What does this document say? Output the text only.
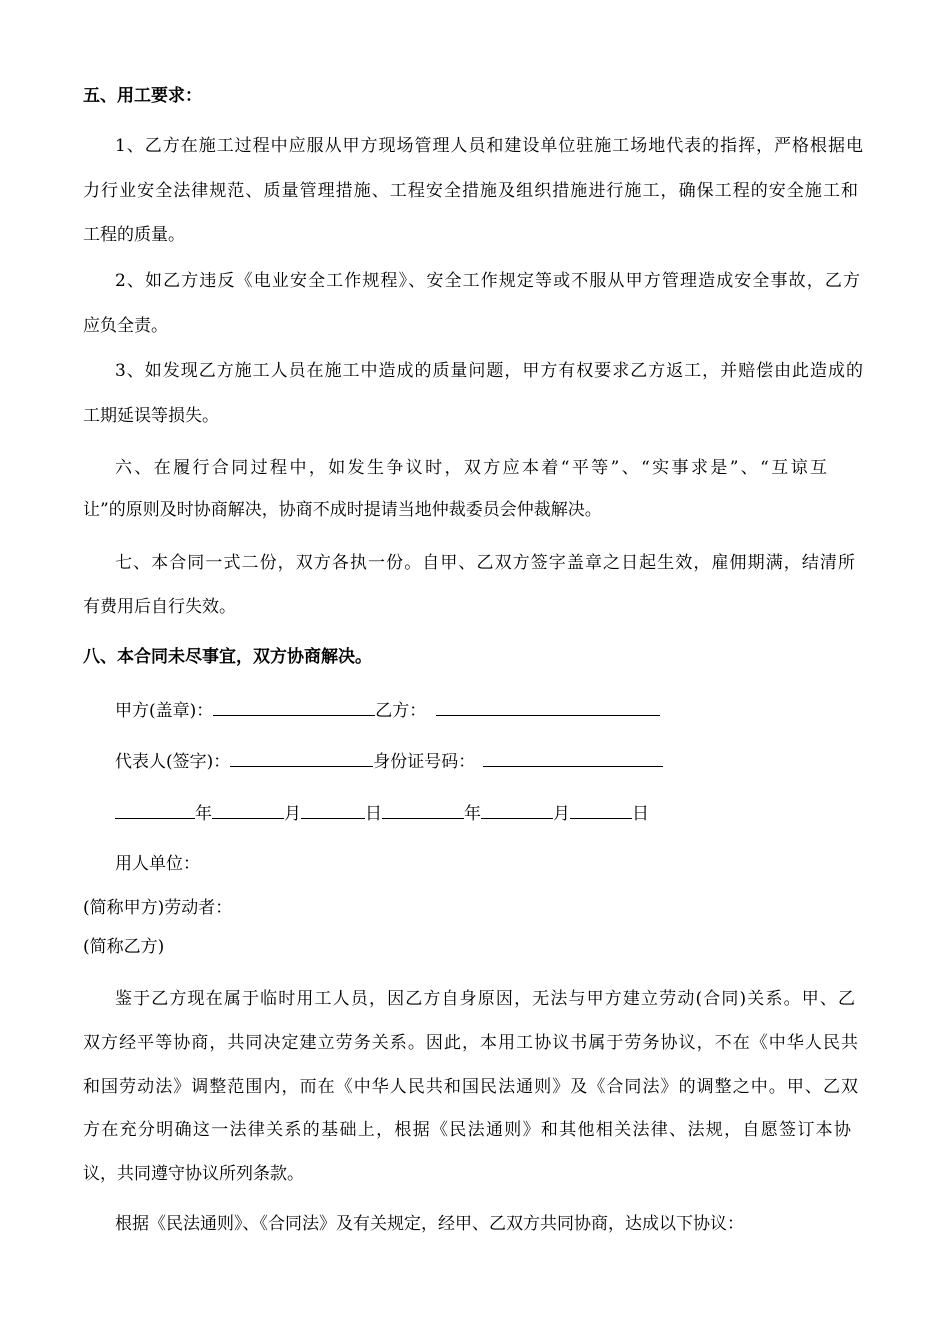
五、用工要求：

1、乙方在施工过程中应服从甲方现场管理人员和建设单位驻施工场地代表的指挥，严格根据电

力行业安全法律规范、质量管理措施、工程安全措施及组织措施进行施工，确保工程的安全施工和

工程的质量。

2、如乙方违反《电业安全工作规程》、安全工作规定等或不服从甲方管理造成安全事故，乙方

应负全责。

3、如发现乙方施工人员在施工中造成的质量问题，甲方有权要求乙方返工，并赔偿由此造成的

工期延误等损失。

六、在履行合同过程中，如发生争议时，双方应本着“平等”、“实事求是”、“互谅互

让”的原则及时协商解决，协商不成时提请当地仲裁委员会仲裁解决。

七、本合同一式二份，双方各执一份。自甲、乙双方签字盖章之日起生效，雇佣期满，结清所

有费用后自行失效。

八、本合同未尽事宜，双方协商解决。

甲方(盖章)：	乙方：

代表人(签字)：	身份证号码：

年	月	日	年	月	日

用人单位：

(简称甲方)劳动者：

(简称乙方)

鉴于乙方现在属于临时用工人员，因乙方自身原因，无法与甲方建立劳动(合同)关系。甲、乙

双方经平等协商，共同决定建立劳务关系。因此，本用工协议书属于劳务协议，不在《中华人民共

和国劳动法》调整范围内，而在《中华人民共和国民法通则》及《合同法》的调整之中。甲、乙双

方在充分明确这一法律关系的基础上，根据《民法通则》和其他相关法律、法规，自愿签订本协

议，共同遵守协议所列条款。

根据《民法通则》、《合同法》及有关规定，经甲、乙双方共同协商，达成以下协议：
